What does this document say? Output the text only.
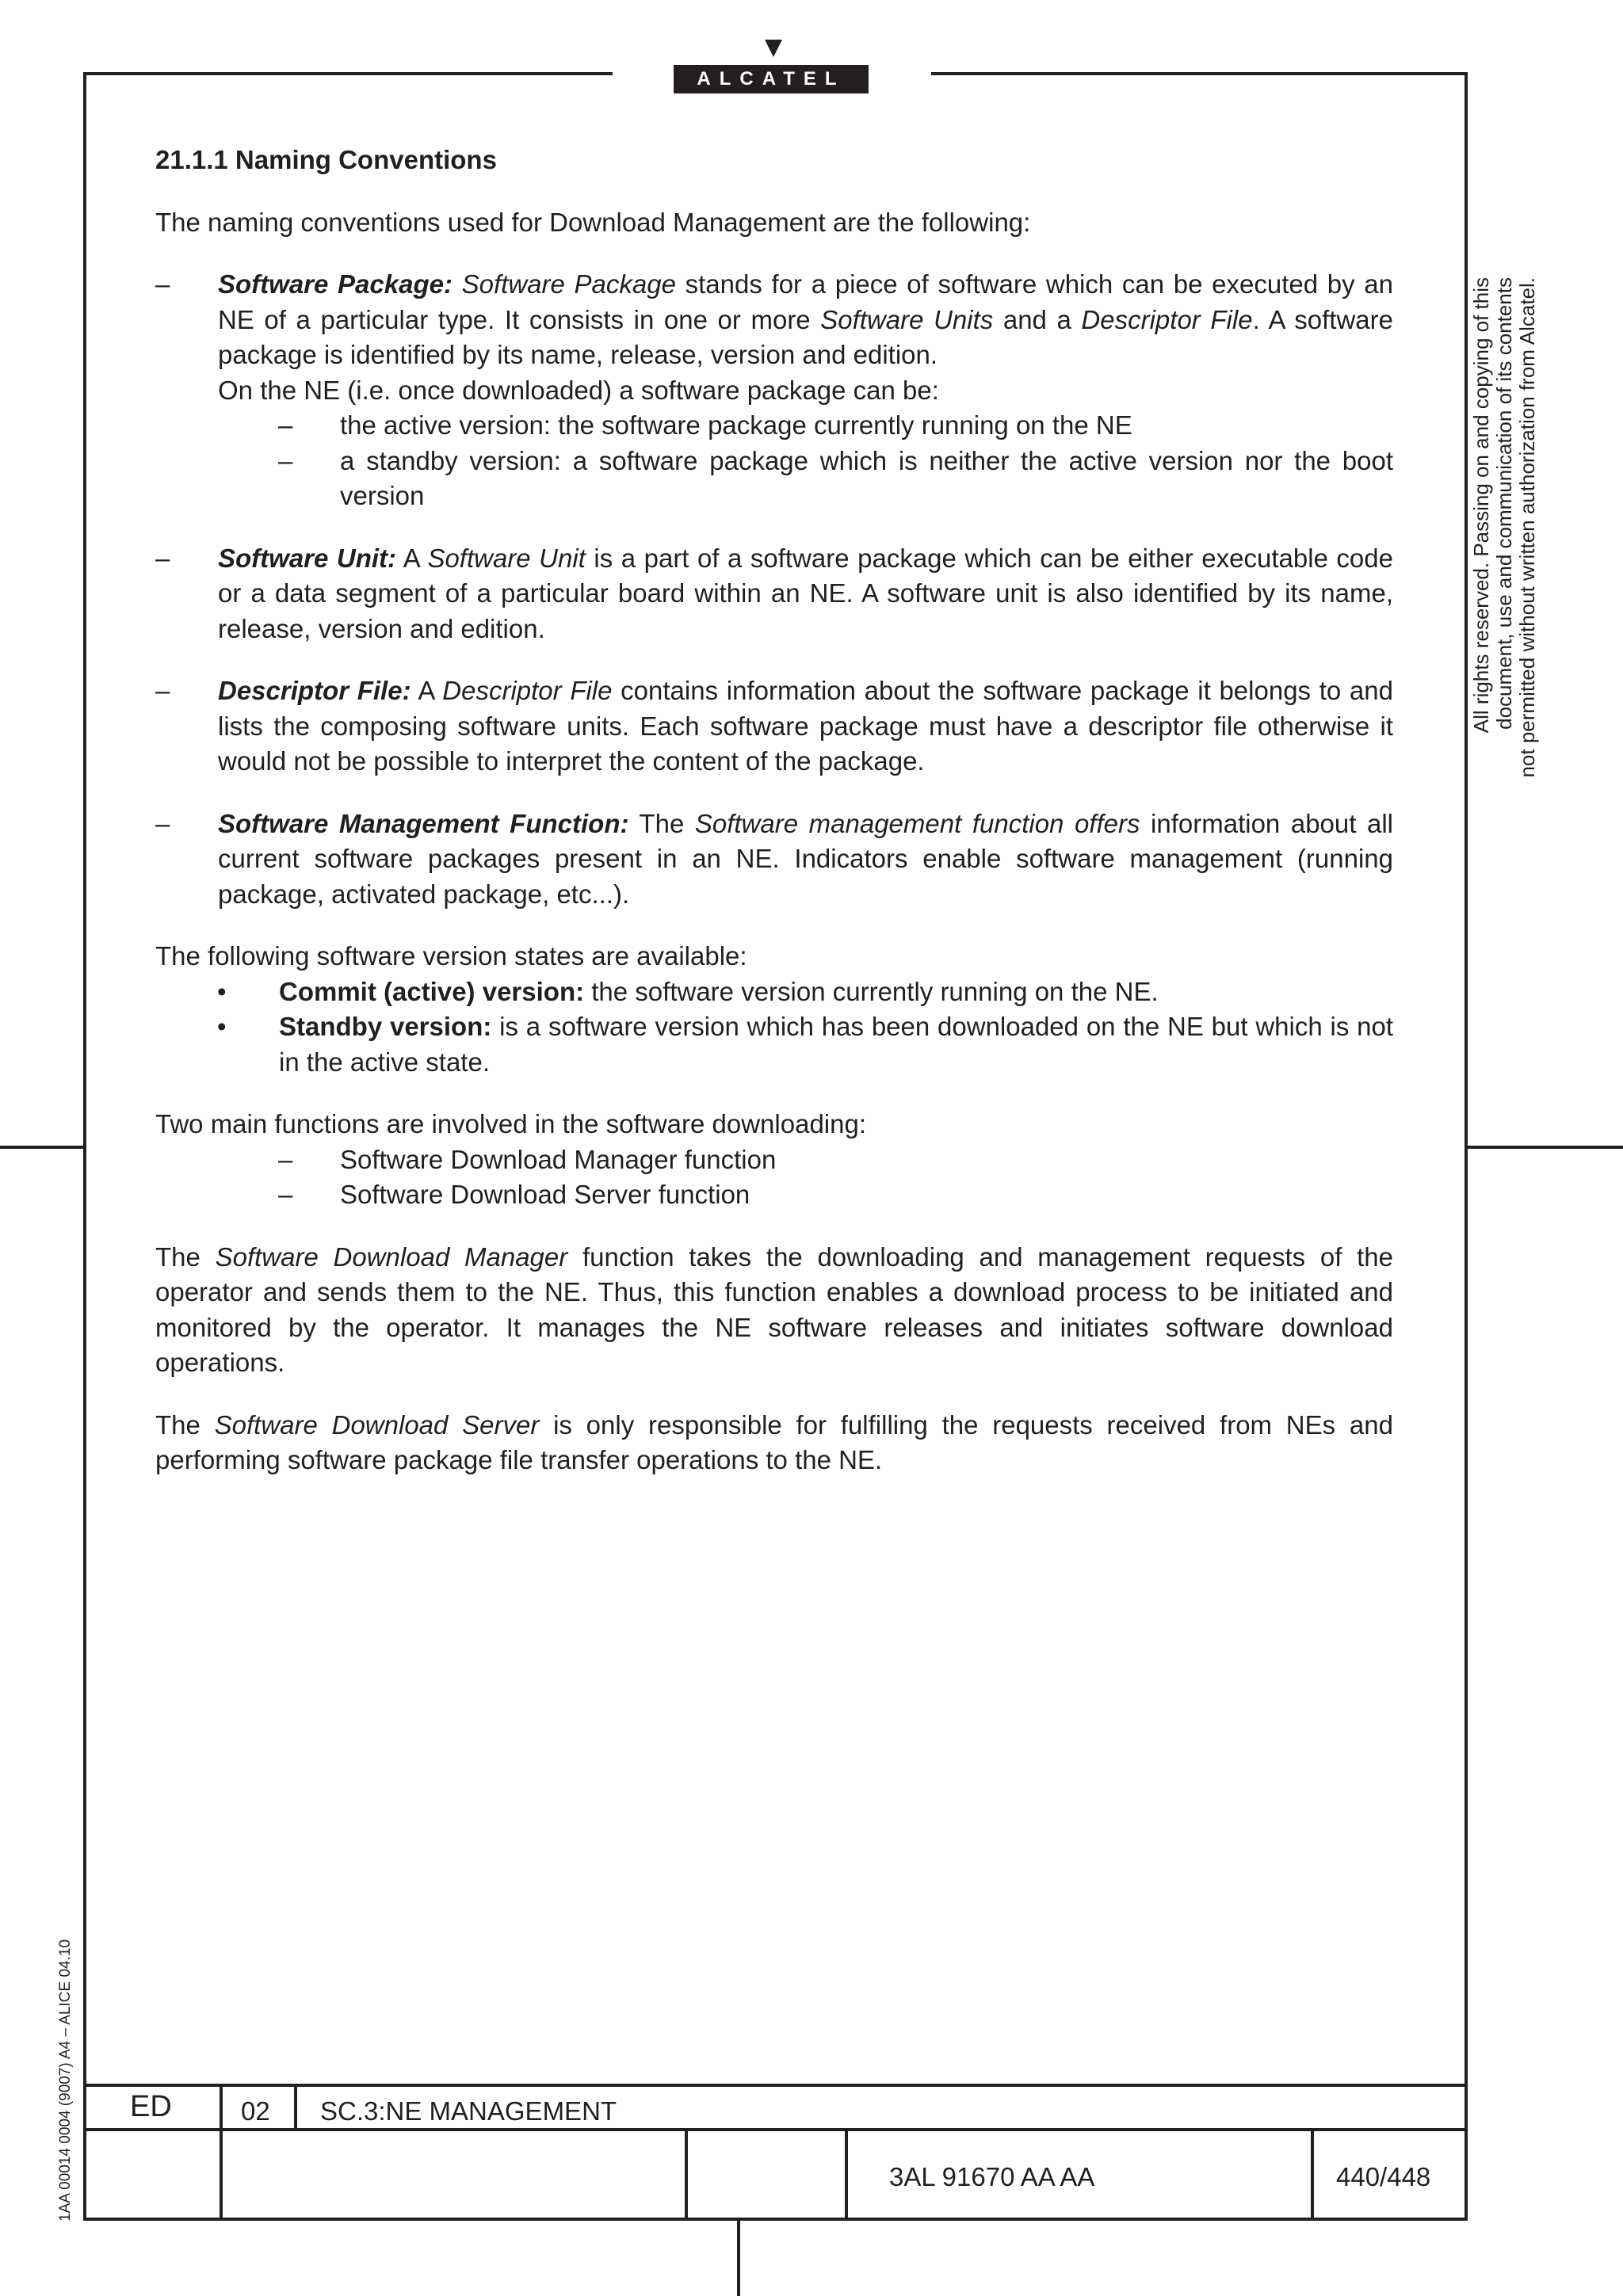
ALCATEL

21.1.1 Naming Conventions

The naming conventions used for Download Management are the following:

– Software Package: Software Package stands for a piece of software which can be executed by an NE of a particular type. It consists in one or more Software Units and a Descriptor File. A software package is identified by its name, release, version and edition.

On the NE (i.e. once downloaded) a software package can be:

– the active version: the software package currently running on the NE

– a standby version: a software package which is neither the active version nor the boot version

– Software Unit: A Software Unit is a part of a software package which can be either executable code or a data segment of a particular board within an NE. A software unit is also identified by its name, release, version and edition.

– Descriptor File: A Descriptor File contains information about the software package it belongs to and lists the composing software units. Each software package must have a descriptor file otherwise it would not be possible to interpret the content of the package.

– Software Management Function: The Software management function offers information about all current software packages present in an NE. Indicators enable software management (running package, activated package, etc...).

The following software version states are available:

• Commit (active) version: the software version currently running on the NE.

• Standby version: is a software version which has been downloaded on the NE but which is not in the active state.

Two main functions are involved in the software downloading:

– Software Download Manager function

– Software Download Server function

The Software Download Manager function takes the downloading and management requests of the operator and sends them to the NE. Thus, this function enables a download process to be initiated and monitored by the operator. It manages the NE software releases and initiates software download operations.

The Software Download Server is only responsible for fulfilling the requests received from NEs and performing software package file transfer operations to the NE.

All rights reserved. Passing on and copying of this document, use and communication of its contents not permitted without written authorization from Alcatel.
1AA 00014 0004 (9007) A4 – ALICE 04.10 ED	02 SC.3:NE MANAGEMENT
3AL 91670 AA AA	440/448
